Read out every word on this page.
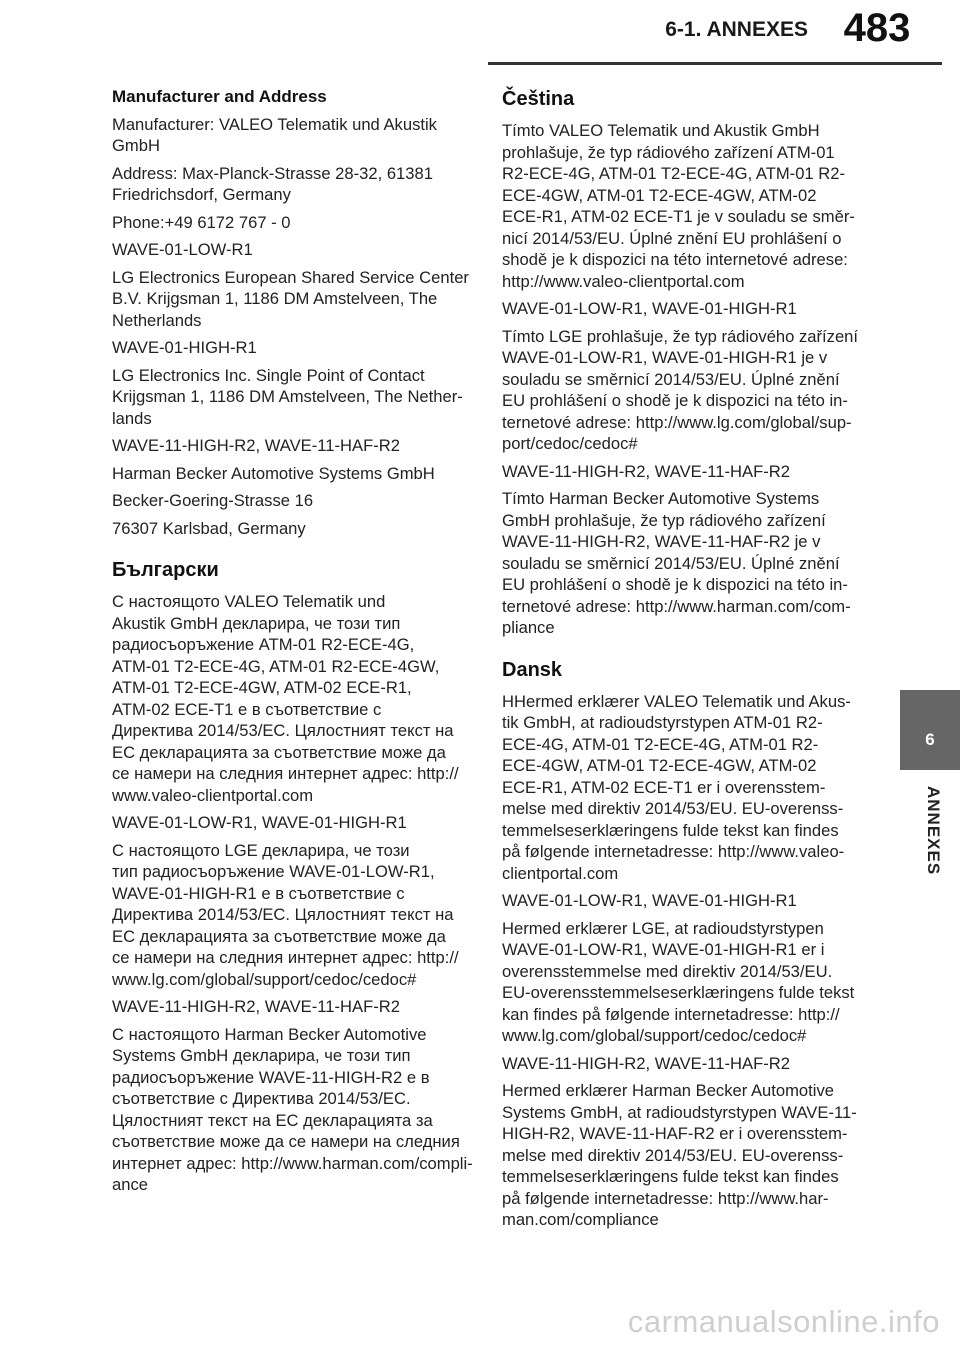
6-1. ANNEXES 483
Manufacturer and Address

Manufacturer: VALEO Telematik und Akustik
GmbH

Address: Max-Planck-Strasse 28-32, 61381
Friedrichsdorf, Germany

Phone:+49 6172 767 - 0

WAVE-01-LOW-R1

LG Electronics European Shared Service Center
B.V. Krijgsman 1, 1186 DM Amstelveen, The
Netherlands

WAVE-01-HIGH-R1

LG Electronics Inc. Single Point of Contact
Krijgsman 1, 1186 DM Amstelveen, The Nether-
lands

WAVE-11-HIGH-R2, WAVE-11-HAF-R2

Harman Becker Automotive Systems GmbH

Becker-Goering-Strasse 16

76307 Karlsbad, Germany

Български

С настоящото VALEO Telematik und
Akustik GmbH декларира, че този тип
радиосъоръжение ATM-01 R2-ECE-4G,
ATM-01 T2-ECE-4G, ATM-01 R2-ECE-4GW,
ATM-01 T2-ECE-4GW, ATM-02 ECE-R1,
ATM-02 ECE-T1 е в съответствие с
Директива 2014/53/ЕС. Цялостният текст на
ЕС декларацията за съответствие може да
се намери на следния интернет адрес: http://
www.valeo-clientportal.com

WAVE-01-LOW-R1, WAVE-01-HIGH-R1

С настоящото LGE декларира, че този
тип радиосъоръжение WAVE-01-LOW-R1,
WAVE-01-HIGH-R1 е в съответствие с
Директива 2014/53/ЕС. Цялостният текст на
ЕС декларацията за съответствие може да
се намери на следния интернет адрес: http://
www.lg.com/global/support/cedoc/cedoc#

WAVE-11-HIGH-R2, WAVE-11-HAF-R2

С настоящото Harman Becker Automotive
Systems GmbH декларира, че този тип
радиосъоръжение WAVE-11-HIGH-R2 е в
съответствие с Директива 2014/53/ЕС.
Цялостният текст на ЕС декларацията за
съответствие може да се намери на следния
интернет адрес: http://www.harman.com/compli-
ance

Čeština

Tímto VALEO Telematik und Akustik GmbH
prohlašuje, že typ rádiového zařízení ATM-01
R2-ECE-4G, ATM-01 T2-ECE-4G, ATM-01 R2-
ECE-4GW, ATM-01 T2-ECE-4GW, ATM-02
ECE-R1, ATM-02 ECE-T1 je v souladu se směr-
nicí 2014/53/EU. Úplné znění EU prohlášení o
shodě je k dispozici na této internetové adrese:
http://www.valeo-clientportal.com

WAVE-01-LOW-R1, WAVE-01-HIGH-R1

Tímto LGE prohlašuje, že typ rádiového zařízení
WAVE-01-LOW-R1, WAVE-01-HIGH-R1 je v
souladu se směrnicí 2014/53/EU. Úplné znění
EU prohlášení o shodě je k dispozici na této in-
ternetové adrese: http://www.lg.com/global/sup-
port/cedoc/cedoc#

WAVE-11-HIGH-R2, WAVE-11-HAF-R2

Tímto Harman Becker Automotive Systems
GmbH prohlašuje, že typ rádiového zařízení
WAVE-11-HIGH-R2, WAVE-11-HAF-R2 je v
souladu se směrnicí 2014/53/EU. Úplné znění
EU prohlášení o shodě je k dispozici na této in-
ternetové adrese: http://www.harman.com/com-
pliance

Dansk

HHermed erklærer VALEO Telematik und Akus-
tik GmbH, at radioudstyrstypen ATM-01 R2-
ECE-4G, ATM-01 T2-ECE-4G, ATM-01 R2-
ECE-4GW, ATM-01 T2-ECE-4GW, ATM-02
ECE-R1, ATM-02 ECE-T1 er i overensstem-
melse med direktiv 2014/53/EU. EU-overenss-
temmelseserklæringens fulde tekst kan findes
på følgende internetadresse: http://www.valeo-
clientportal.com

WAVE-01-LOW-R1, WAVE-01-HIGH-R1

Hermed erklærer LGE, at radioudstyrstypen
WAVE-01-LOW-R1, WAVE-01-HIGH-R1 er i
overensstemmelse med direktiv 2014/53/EU.
EU-overensstemmelseserklæringens fulde tekst
kan findes på følgende internetadresse: http://
www.lg.com/global/support/cedoc/cedoc#

WAVE-11-HIGH-R2, WAVE-11-HAF-R2

Hermed erklærer Harman Becker Automotive
Systems GmbH, at radioudstyrstypen WAVE-11-
HIGH-R2, WAVE-11-HAF-R2 er i overensstem-
melse med direktiv 2014/53/EU. EU-overenss-
temmelseserklæringens fulde tekst kan findes
på følgende internetadresse: http://www.har-
man.com/compliance

6
ANNEXES
carmanualsonline.info
